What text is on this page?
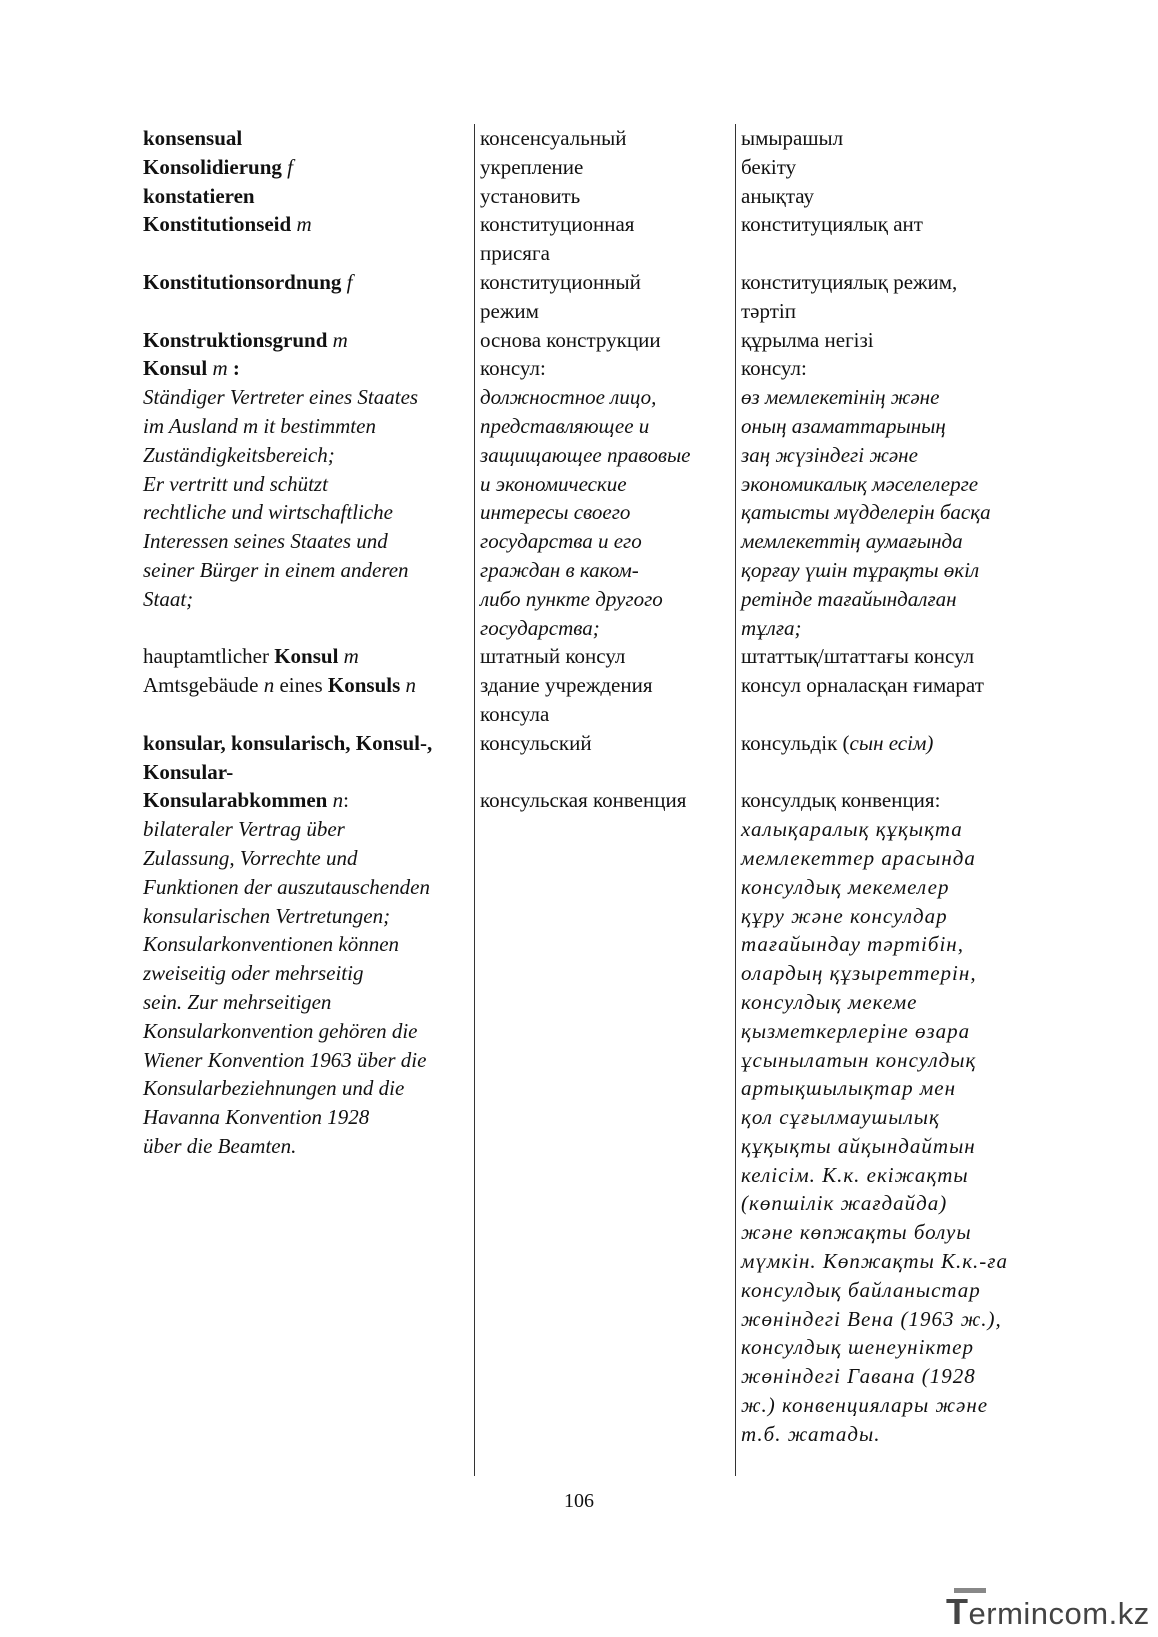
konsensual
Konsolidierung f
konstatieren
Konstitutionseid m
Konstitutionsordnung f
Konstruktionsgrund m
Konsul m :
Ständiger Vertreter eines Staates
im Ausland m it bestimmten
Zuständigkeitsbereich;
Er vertritt und schützt
rechtliche und wirtschaftliche
Interessen seines Staates und
seiner Bürger in einem anderen
Staat;
hauptamtlicher Konsul m
Amtsgebäude n eines Konsuls n
konsular, konsularisch, Konsul-,
Konsular-
Konsularabkommen n:
bilateraler Vertrag über
Zulassung, Vorrechte und
Funktionen der auszutauschenden
konsularischen Vertretungen;
Konsularkonventionen können
zweiseitig oder mehrseitig
sein. Zur mehrseitigen
Konsularkonvention gehören die
Wiener Konvention 1963 über die
Konsularbeziehnungen und die
Havanna Konvention 1928
über die Beamten.
консенсуальный
укрепление
установить
конституционная
присяга
конституционный
режим
основа конструкции
консул:
должностное лицо,
представляющее и
защищающее правовые
и экономические
интересы своего
государства и его
граждан в каком-
либо пункте другого
государства;
штатный консул
здание учреждения
консула
консульский
консульская конвенция
ымырашыл
бекіту
анықтау
конституциялық ант
конституциялық режим,
тәртіп
құрылма негізі
консул:
өз мемлекетінің және
оның азаматтарының
заң жүзіндегі және
экономикалық мәселелерге
қатысты мүдделерін басқа
мемлекеттің аумағында
қорғау үшін тұрақты өкіл
ретінде тағайындалған
тұлға;
штаттық/штаттағы консул
консул орналасқан ғимарат
консульдік (сын есім)
консулдық конвенция:
халықаралық құқықта
мемлекеттер арасында
консулдық мекемелер
құру және консулдар
тағайындау тәртібін,
олардың құзыреттерін,
консулдық мекеме
қызметкерлеріне өзара
ұсынылатын консулдық
артықшылықтар мен
қол сұғылмаушылық
құқықты айқындайтын
келісім. К.к. екіжақты
(көпшілік жағдайда)
және көпжақты болуы
мүмкін. Көпжақты К.к.-ға
консулдық байланыстар
жөніндегі Вена (1963 ж.),
консулдық шенеуніктер
жөніндегі Гавана (1928
ж.) конвенциялары және
т.б. жатады.
106
Termincom.kz
